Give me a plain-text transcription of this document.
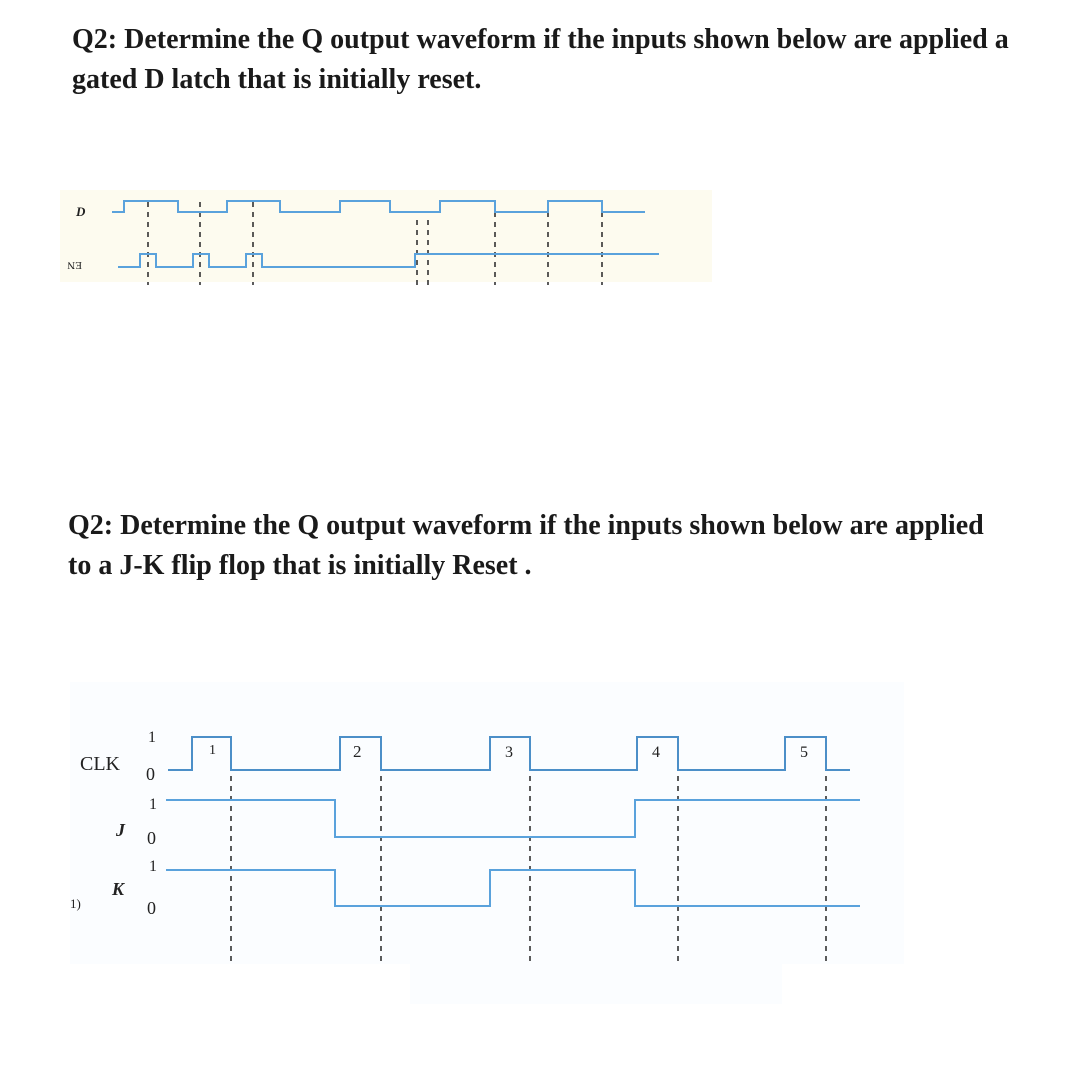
Q2: Determine the Q output waveform if the inputs shown below are applied a
gated D latch that is initially reset.
D
EN
Q2: Determine the Q output waveform if the inputs shown below are applied
to a J-K flip flop that is initially Reset .
CLK
J
K
1)
1
0
1
0
1
0
1	2	3	4	5
